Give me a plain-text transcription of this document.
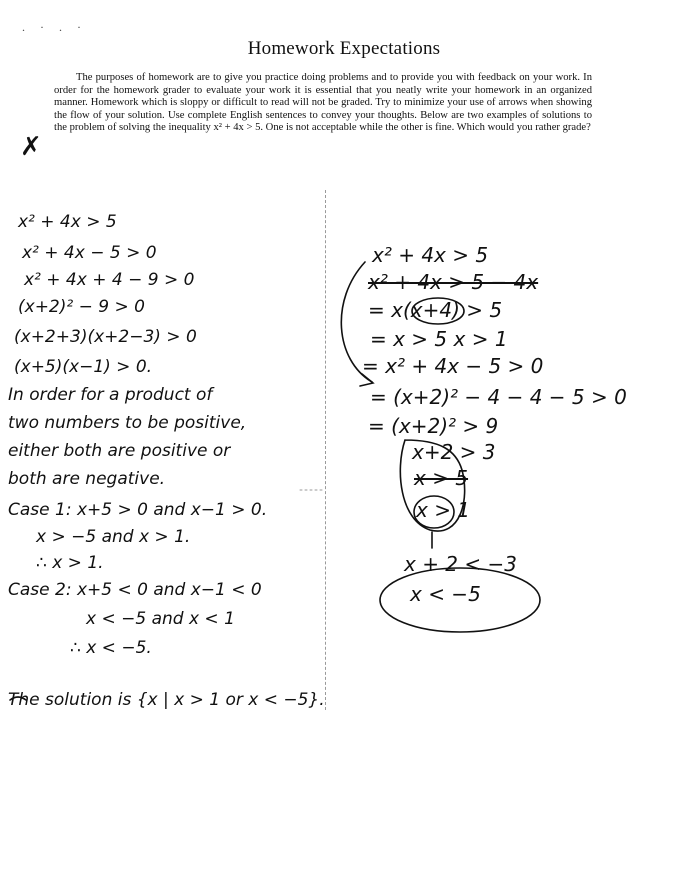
. · . ·
Homework Expectations
The purposes of homework are to give you practice doing problems and to provide you with feedback on your work. In order for the homework grader to evaluate your work it is essential that you neatly write your homework in an organized manner. Homework which is sloppy or difficult to read will not be graded. Try to minimize your use of arrows when showing the flow of your solution. Use complete English sentences to convey your thoughts. Below are two examples of solutions to the problem of solving the inequality x² + 4x > 5. One is not acceptable while the other is fine. Which would you rather grade?
✗
x² + 4x > 5
x² + 4x − 5 > 0
x² + 4x + 4 − 9 > 0
(x+2)² − 9 > 0
(x+2+3)(x+2−3) > 0
(x+5)(x−1) > 0.
In order for a product of
two numbers to be positive,
either both are positive or
both are negative.
Case 1: x+5 > 0 and x−1 > 0.
x > −5 and x > 1.
∴ x > 1.
Case 2: x+5 < 0 and x−1 < 0
x < −5 and x < 1
∴ x < −5.
The solution is {x | x > 1 or x < −5}.
x² + 4x > 5
x² + 4x > 5 − 4x
= x(x+4) > 5
= x > 5 x > 1
= x² + 4x − 5 > 0
= (x+2)² − 4 − 4 − 5 > 0
= (x+2)² > 9
x+2 > 3
x > 5
x > 1
x + 2 < −3
x < −5
